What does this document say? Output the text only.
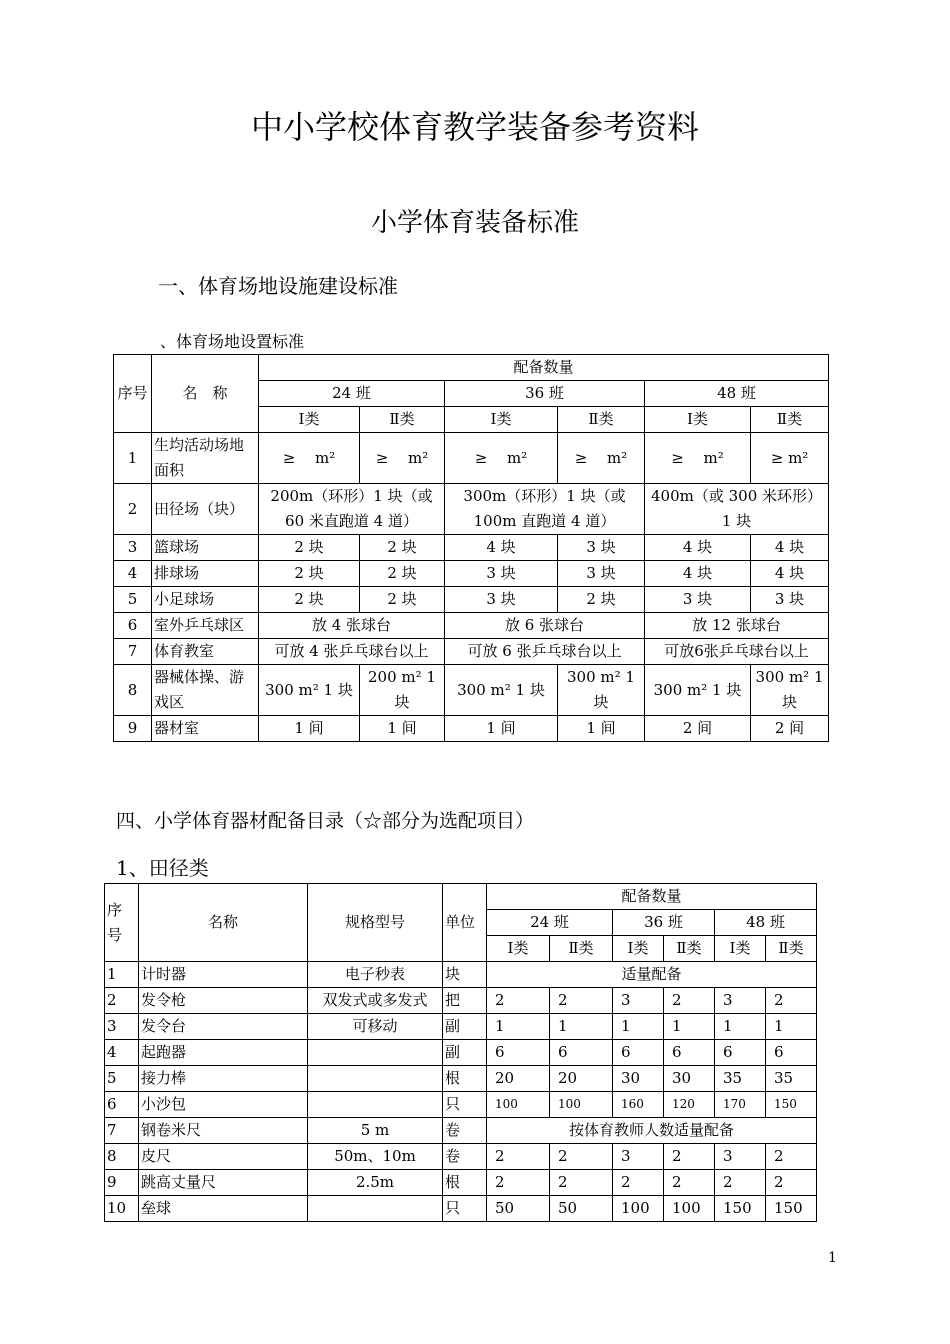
中小学校体育教学装备参考资料
小学体育装备标准
一、体育场地设施建设标准
、体育场地设置标准
序号	名　称	配备数量					
		24 班		36 班		48 班	
		Ⅰ类	Ⅱ类	Ⅰ类	Ⅱ类	Ⅰ类	Ⅱ类
1	生均活动场地面积	≥　 m²	≥　 m²	≥　 m²	≥　 m²	≥　 m²	≥ m²
2	田径场（块）	200m（环形）1 块（或60 米直跑道 4 道）		300m（环形）1 块（或100m 直跑道 4 道）		400m（或 300 米环形）1 块	
3	篮球场	2 块	2 块	4 块	3 块	4 块	4 块
4	排球场	2 块	2 块	3 块	3 块	4 块	4 块
5	小足球场	2 块	2 块	3 块	2 块	3 块	3 块
6	室外乒乓球区	放 4 张球台		放 6 张球台		放 12 张球台	
7	体育教室	可放 4 张乒乓球台以上		可放 6 张乒乓球台以上		可放6张乒乓球台以上	
8	器械体操、游戏区	300 m² 1 块	200 m² 1 块	300 m² 1 块	300 m² 1 块	300 m² 1 块	300 m² 1 块
9	器材室	1 间	1 间	1 间	1 间	2 间	2 间
四、小学体育器材配备目录（☆部分为选配项目）
1、田径类
序号	名称	规格型号	单位	配备数量					
				24 班		36 班		48 班	
				Ⅰ类	Ⅱ类	Ⅰ类	Ⅱ类	Ⅰ类	Ⅱ类
1	计时器	电子秒表	块	适量配备					
2	发令枪	双发式或多发式	把	2	2	3	2	3	2
3	发令台	可移动	副	1	1	1	1	1	1
4	起跑器		副	6	6	6	6	6	6
5	接力棒		根	20	20	30	30	35	35
6	小沙包		只	100	100	160	120	170	150
7	钢卷米尺	5 m	卷	按体育教师人数适量配备					
8	皮尺	50m、10m	卷	2	2	3	2	3	2
9	跳高丈量尺	2.5m	根	2	2	2	2	2	2
10	垒球		只	50	50	100	100	150	150
1
